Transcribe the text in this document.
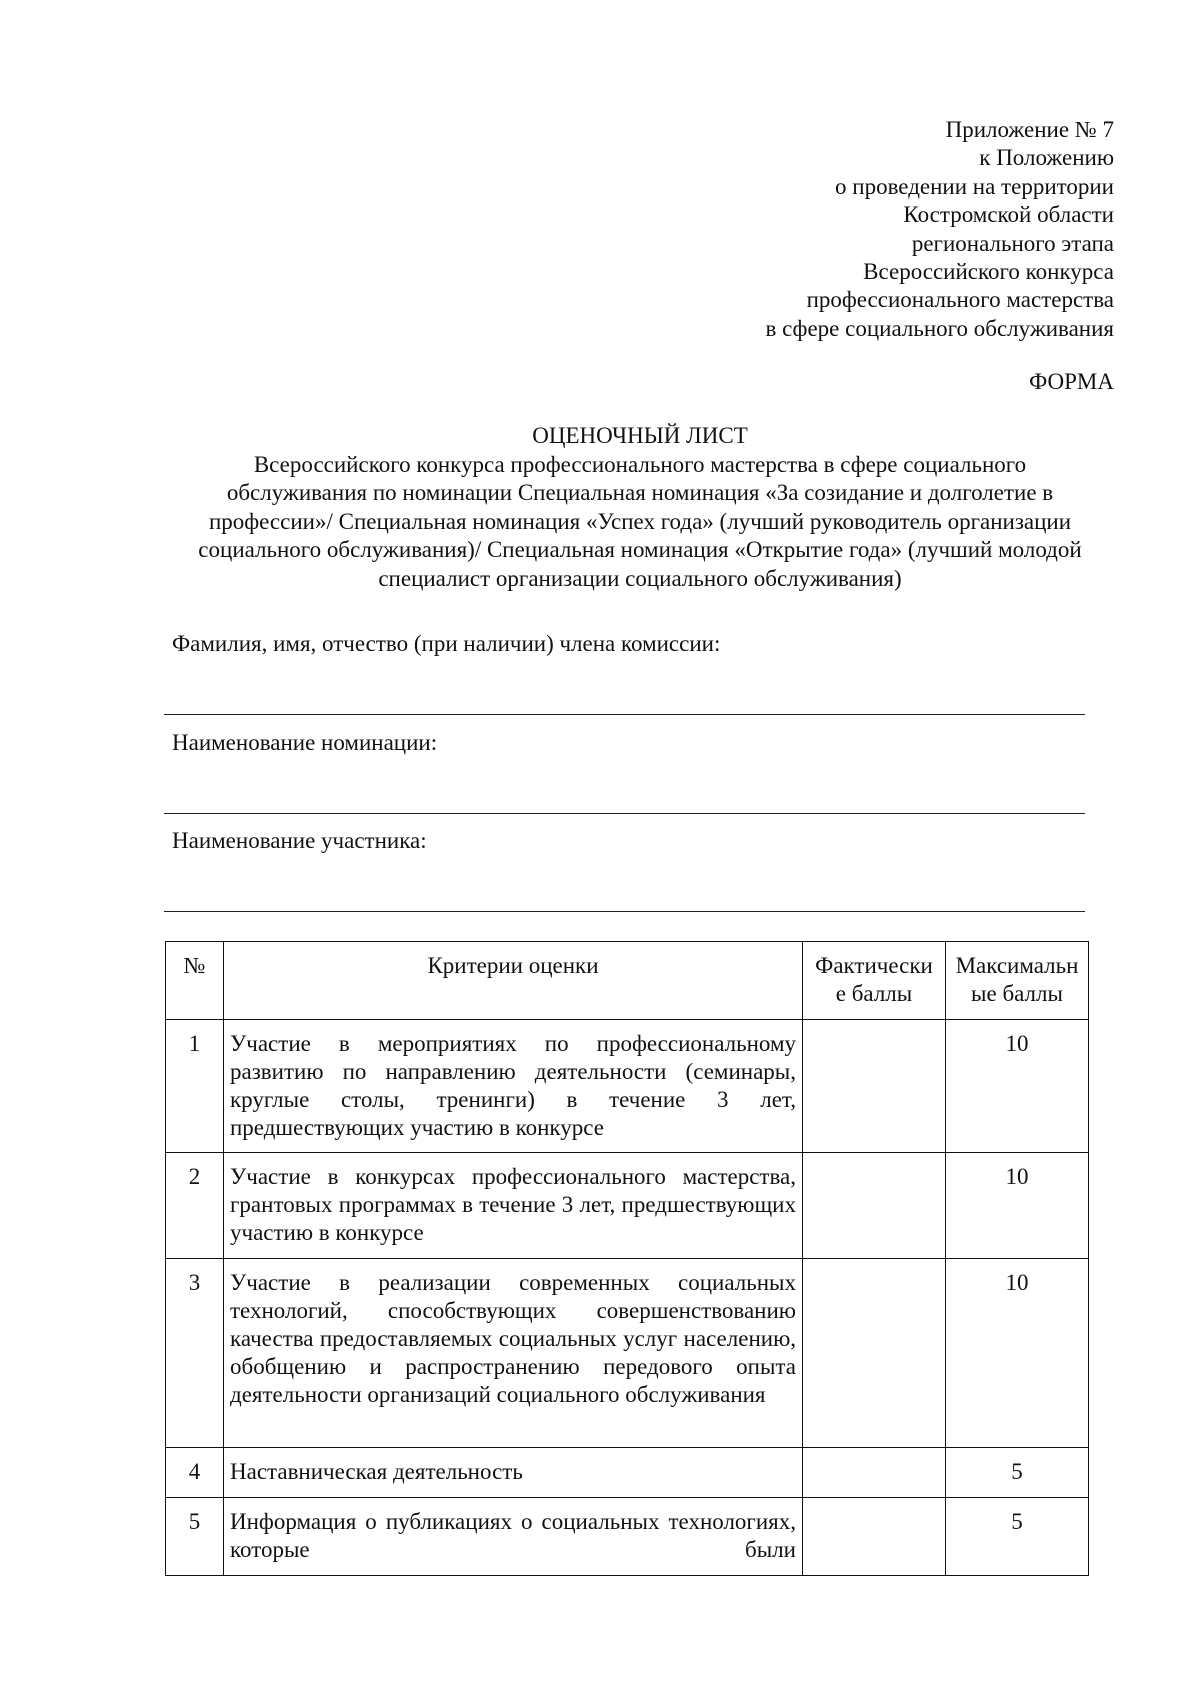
Приложение № 7
к Положению
о проведении на территории
Костромской области
регионального этапа
Всероссийского конкурса
профессионального мастерства
в сфере социального обслуживания
ФОРМА
ОЦЕНОЧНЫЙ ЛИСТ
Всероссийского конкурса профессионального мастерства в сфере социального
обслуживания по номинации Специальная номинация «За созидание и долголетие в
профессии»/ Специальная номинация «Успех года» (лучший руководитель организации
социального обслуживания)/ Специальная номинация «Открытие года» (лучший молодой
специалист организации социального обслуживания)
Фамилия, имя, отчество (при наличии) члена комиссии:
Наименование номинации:
Наименование участника:
№	Критерии оценки	Фактически е баллы	Максимальн ые баллы
1	Участие в мероприятиях по профессиональному развитию по направлению деятельности (семинары, круглые столы, тренинги) в течение 3 лет, предшествующих участию в конкурсе		10
2	Участие в конкурсах профессионального мастерства, грантовых программах в течение 3 лет, предшествующих участию в конкурсе		10
3	Участие в реализации современных социальных технологий, способствующих совершенствованию качества предоставляемых социальных услуг населению, обобщению и распространению передового опыта деятельности организаций социального обслуживания		10
4	Наставническая деятельность		5
5	Информация о публикациях о социальных технологиях, которые были		5
